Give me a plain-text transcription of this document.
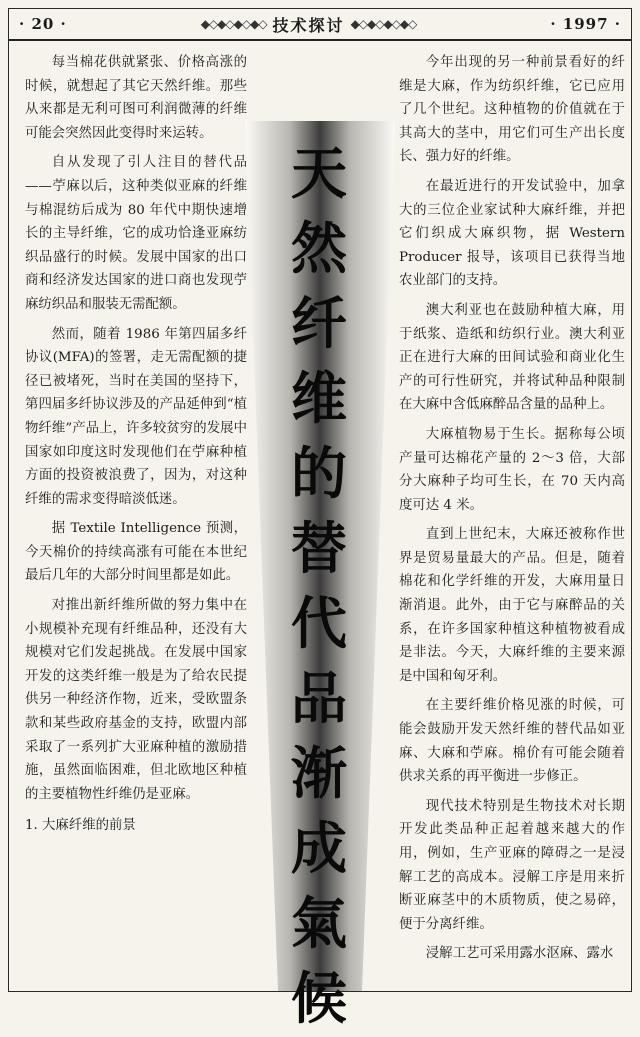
· 20 ·	◆◇◆◇◆◇◆◇ 技术探讨 ◆◇◆◇◆◇◆◇	· 1997 ·

每当棉花供就紧张、价格高涨的时候，就想起了其它天然纤维。那些从来都是无利可图可利润微薄的纤维可能会突然因此变得时来运转。

自从发现了引人注目的替代品——苧麻以后，这种类似亚麻的纤维与棉混纺后成为 80 年代中期快速增长的主导纤维，它的成功恰逢亚麻纺织品盛行的时候。发展中国家的出口商和经济发达国家的进口商也发现苧麻纺织品和服装无需配额。

然而，随着 1986 年第四届多纤协议(MFA)的签署，走无需配额的捷径已被堵死，当时在美国的坚持下，第四届多纤协议涉及的产品延伸到“植物纤维”产品上，许多较贫穷的发展中国家如印度这时发现他们在苧麻种植方面的投资被浪费了，因为，对这种纤维的需求变得暗淡低迷。

据 Textile Intelligence 预测，今天棉价的持续高涨有可能在本世纪最后几年的大部分时间里都是如此。

对推出新纤维所做的努力集中在小规模补充现有纤维品种，还没有大规模对它们发起挑战。在发展中国家开发的这类纤维一般是为了给农民提供另一种经济作物，近来，受欧盟条款和某些政府基金的支持，欧盟内部采取了一系列扩大亚麻种植的激励措施，虽然面临困难，但北欧地区种植的主要植物性纤维仍是亚麻。

1. 大麻纤维的前景

今年出现的另一种前景看好的纤维是大麻，作为纺织纤维，它已应用了几个世纪。这种植物的价值就在于其高大的茎中，用它们可生产出长度长、强力好的纤维。

在最近进行的开发试验中，加拿大的三位企业家试种大麻纤维，并把它们织成大麻织物，据 Western Producer 报导，该项目已获得当地农业部门的支持。

澳大利亚也在鼓励种植大麻，用于纸浆、造纸和纺织行业。澳大利亚正在进行大麻的田间试验和商业化生产的可行性研究，并将试种品种限制在大麻中含低麻醉品含量的品种上。

大麻植物易于生长。据称每公顷产量可达棉花产量的 2～3 倍，大部分大麻种子均可生长，在 70 天内高度可达 4 米。

直到上世纪末，大麻还被称作世界是贸易量最大的产品。但是，随着棉花和化学纤维的开发，大麻用量日渐消退。此外，由于它与麻醉品的关系，在许多国家种植这种植物被看成是非法。今天，大麻纤维的主要来源是中国和匈牙利。

在主要纤维价格见涨的时候，可能会鼓励开发天然纤维的替代品如亚麻、大麻和苧麻。棉价有可能会随着供求关系的再平衡进一步修正。

现代技术特别是生物技术对长期开发此类品种正起着越来越大的作用，例如，生产亚麻的障碍之一是浸解工艺的高成本。浸解工序是用来折断亚麻茎中的木质物质，使之易碎，便于分离纤维。

浸解工艺可采用露水沤麻、露水

天
然
纤
维
的
替
代
品
渐
成
氣
候
